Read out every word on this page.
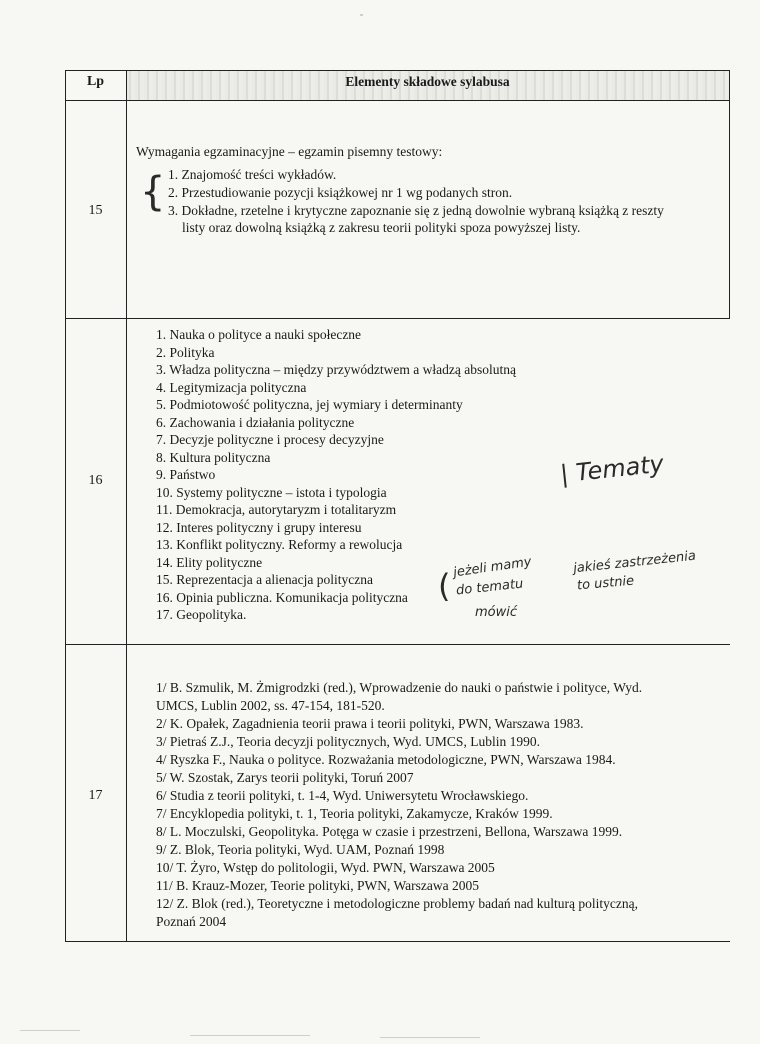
Lp	Elementy składowe sylabusa
15
Wymagania egzaminacyjne – egzamin pisemny testowy:
{ 1. Znajomość treści wykładów.
2. Przestudiowanie pozycji książkowej nr 1 wg podanych stron.
3. Dokładne, rzetelne i krytyczne zapoznanie się z jedną dowolnie wybraną książką z reszty
listy oraz dowolną książką z zakresu teorii polityki spoza powyższej listy.
16
1. Nauka o polityce a nauki społeczne
2. Polityka
3. Władza polityczna – między przywództwem a władzą absolutną
4. Legitymizacja polityczna
5. Podmiotowość polityczna, jej wymiary i determinanty
6. Zachowania i działania polityczne
7. Decyzje polityczne i procesy decyzyjne
8. Kultura polityczna
9. Państwo
10. Systemy polityczne – istota i typologia
11. Demokracja, autorytaryzm i totalitaryzm
12. Interes polityczny i grupy interesu
13. Konflikt polityczny. Reformy a rewolucja
14. Elity polityczne
15. Reprezentacja a alienacja polityczna
16. Opinia publiczna. Komunikacja polityczna
17. Geopolityka.
| Tematy
( jeżeli mamy
do tematu
mówić
jakieś zastrzeżenia
to ustnie
17
1/ B. Szmulik, M. Żmigrodzki (red.), Wprowadzenie do nauki o państwie i polityce, Wyd.
UMCS, Lublin 2002, ss. 47-154, 181-520.
2/ K. Opałek, Zagadnienia teorii prawa i teorii polityki, PWN, Warszawa 1983.
3/ Pietraś Z.J., Teoria decyzji politycznych, Wyd. UMCS, Lublin 1990.
4/ Ryszka F., Nauka o polityce. Rozważania metodologiczne, PWN, Warszawa 1984.
5/ W. Szostak, Zarys teorii polityki, Toruń 2007
6/ Studia z teorii polityki, t. 1-4, Wyd. Uniwersytetu Wrocławskiego.
7/ Encyklopedia polityki, t. 1, Teoria polityki, Zakamycze, Kraków 1999.
8/ L. Moczulski, Geopolityka. Potęga w czasie i przestrzeni, Bellona, Warszawa 1999.
9/ Z. Blok, Teoria polityki, Wyd. UAM, Poznań 1998
10/ T. Żyro, Wstęp do politologii, Wyd. PWN, Warszawa 2005
11/ B. Krauz-Mozer, Teorie polityki, PWN, Warszawa 2005
12/ Z. Blok (red.), Teoretyczne i metodologiczne problemy badań nad kulturą polityczną,
Poznań 2004
